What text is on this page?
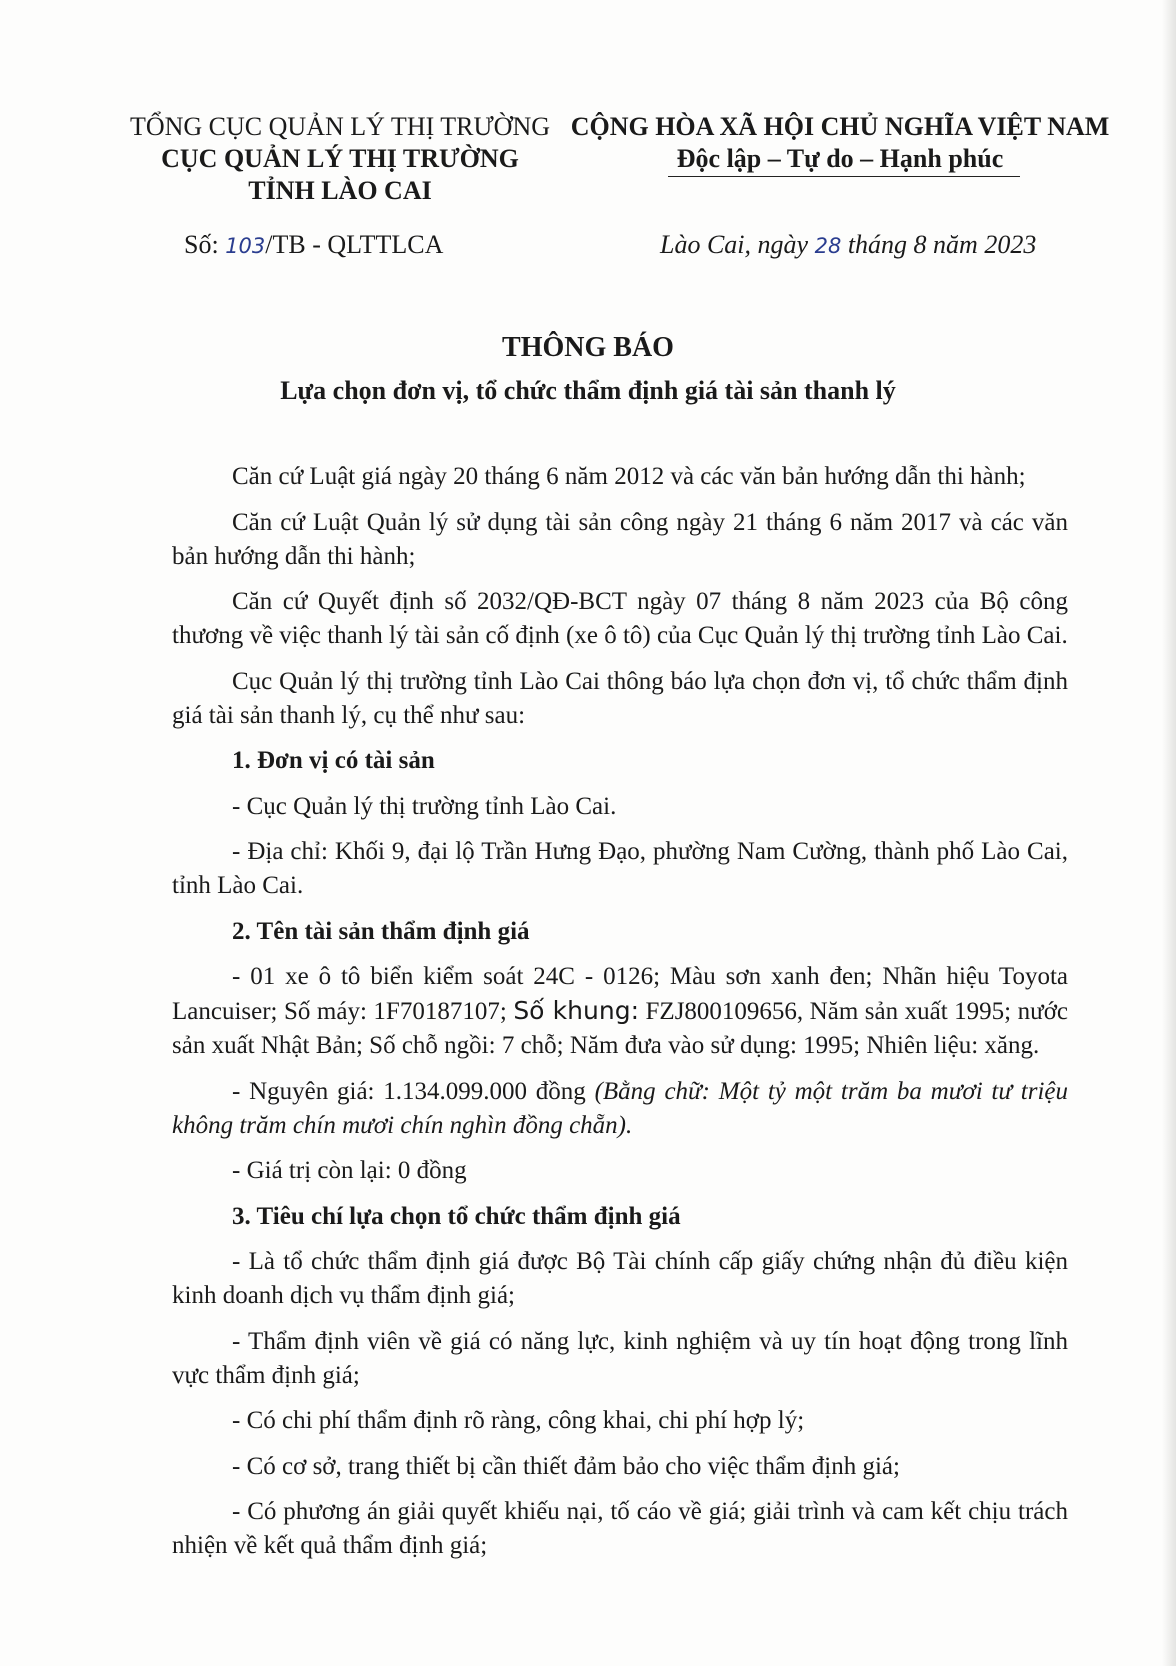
TỔNG CỤC QUẢN LÝ THỊ TRƯỜNG
CỤC QUẢN LÝ THỊ TRƯỜNG
TỈNH LÀO CAI
CỘNG HÒA XÃ HỘI CHỦ NGHĨA VIỆT NAM
Độc lập – Tự do – Hạnh phúc
Số: 103/TB - QLTTLCA	Lào Cai, ngày 28 tháng 8 năm 2023
THÔNG BÁO
Lựa chọn đơn vị, tổ chức thẩm định giá tài sản thanh lý

Căn cứ Luật giá ngày 20 tháng 6 năm 2012 và các văn bản hướng dẫn thi hành;

Căn cứ Luật Quản lý sử dụng tài sản công ngày 21 tháng 6 năm 2017 và các văn bản hướng dẫn thi hành;

Căn cứ Quyết định số 2032/QĐ-BCT ngày 07 tháng 8 năm 2023 của Bộ công thương về việc thanh lý tài sản cố định (xe ô tô) của Cục Quản lý thị trường tỉnh Lào Cai.

Cục Quản lý thị trường tỉnh Lào Cai thông báo lựa chọn đơn vị, tổ chức thẩm định giá tài sản thanh lý, cụ thể như sau:

1. Đơn vị có tài sản

- Cục Quản lý thị trường tỉnh Lào Cai.

- Địa chỉ: Khối 9, đại lộ Trần Hưng Đạo, phường Nam Cường, thành phố Lào Cai, tỉnh Lào Cai.

2. Tên tài sản thẩm định giá

- 01 xe ô tô biển kiểm soát 24C - 0126; Màu sơn xanh đen; Nhãn hiệu Toyota Lancuiser; Số máy: 1F70187107; Số khung: FZJ800109656, Năm sản xuất 1995; nước sản xuất Nhật Bản; Số chỗ ngồi: 7 chỗ; Năm đưa vào sử dụng: 1995; Nhiên liệu: xăng.

- Nguyên giá: 1.134.099.000 đồng (Bằng chữ: Một tỷ một trăm ba mươi tư triệu không trăm chín mươi chín nghìn đồng chẵn).

- Giá trị còn lại: 0 đồng

3. Tiêu chí lựa chọn tổ chức thẩm định giá

- Là tổ chức thẩm định giá được Bộ Tài chính cấp giấy chứng nhận đủ điều kiện kinh doanh dịch vụ thẩm định giá;

- Thẩm định viên về giá có năng lực, kinh nghiệm và uy tín hoạt động trong lĩnh vực thẩm định giá;

- Có chi phí thẩm định rõ ràng, công khai, chi phí hợp lý;

- Có cơ sở, trang thiết bị cần thiết đảm bảo cho việc thẩm định giá;

- Có phương án giải quyết khiếu nại, tố cáo về giá; giải trình và cam kết chịu trách nhiện về kết quả thẩm định giá;
